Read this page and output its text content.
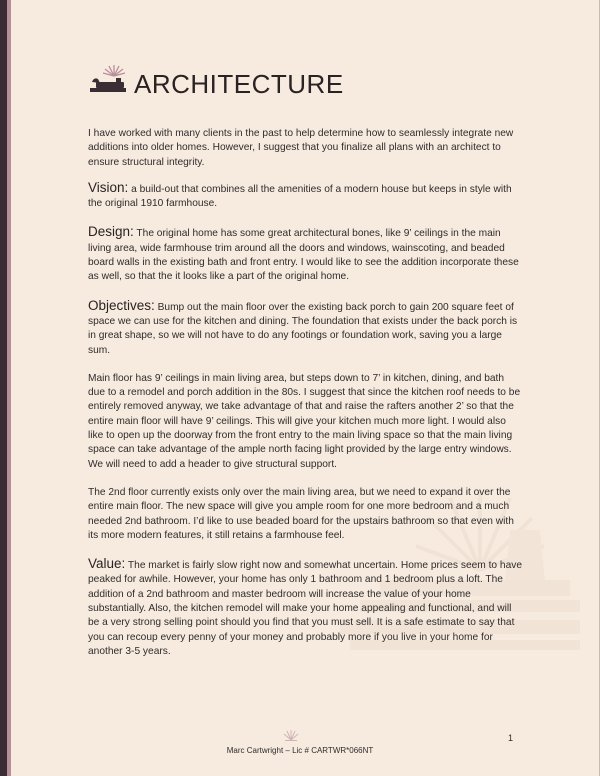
ARCHITECTURE

I have worked with many clients in the past to help determine how to seamlessly integrate new additions into older homes. However, I suggest that you finalize all plans with an architect to ensure structural integrity.

Vision: a build-out that combines all the amenities of a modern house but keeps in style with the original 1910 farmhouse.

Design: The original home has some great architectural bones, like 9’ ceilings in the main living area, wide farmhouse trim around all the doors and windows, wainscoting, and beaded board walls in the existing bath and front entry. I would like to see the addition incorporate these as well, so that the it looks like a part of the original home.

Objectives: Bump out the main floor over the existing back porch to gain 200 square feet of space we can use for the kitchen and dining. The foundation that exists under the back porch is in great shape, so we will not have to do any footings or foundation work, saving you a large sum.

Main floor has 9’ ceilings in main living area, but steps down to 7’ in kitchen, dining, and bath due to a remodel and porch addition in the 80s. I suggest that since the kitchen roof needs to be entirely removed anyway, we take advantage of that and raise the rafters another 2’ so that the entire main floor will have 9’ ceilings. This will give your kitchen much more light. I would also like to open up the doorway from the front entry to the main living space so that the main living space can take advantage of the ample north facing light provided by the large entry windows. We will need to add a header to give structural support.

The 2nd floor currently exists only over the main living area, but we need to expand it over the entire main floor. The new space will give you ample room for one more bedroom and a much needed 2nd bathroom. I’d like to use beaded board for the upstairs bathroom so that even with its more modern features, it still retains a farmhouse feel.

Value: The market is fairly slow right now and somewhat uncertain. Home prices seem to have peaked for awhile. However, your home has only 1 bathroom and 1 bedroom plus a loft. The addition of a 2nd bathroom and master bedroom will increase the value of your home substantially. Also, the kitchen remodel will make your home appealing and functional, and will be a very strong selling point should you find that you must sell. It is a safe estimate to say that you can recoup every penny of your money and probably more if you live in your home for another 3-5 years.

1
Marc Cartwright – Lic # CARTWR*066NT
